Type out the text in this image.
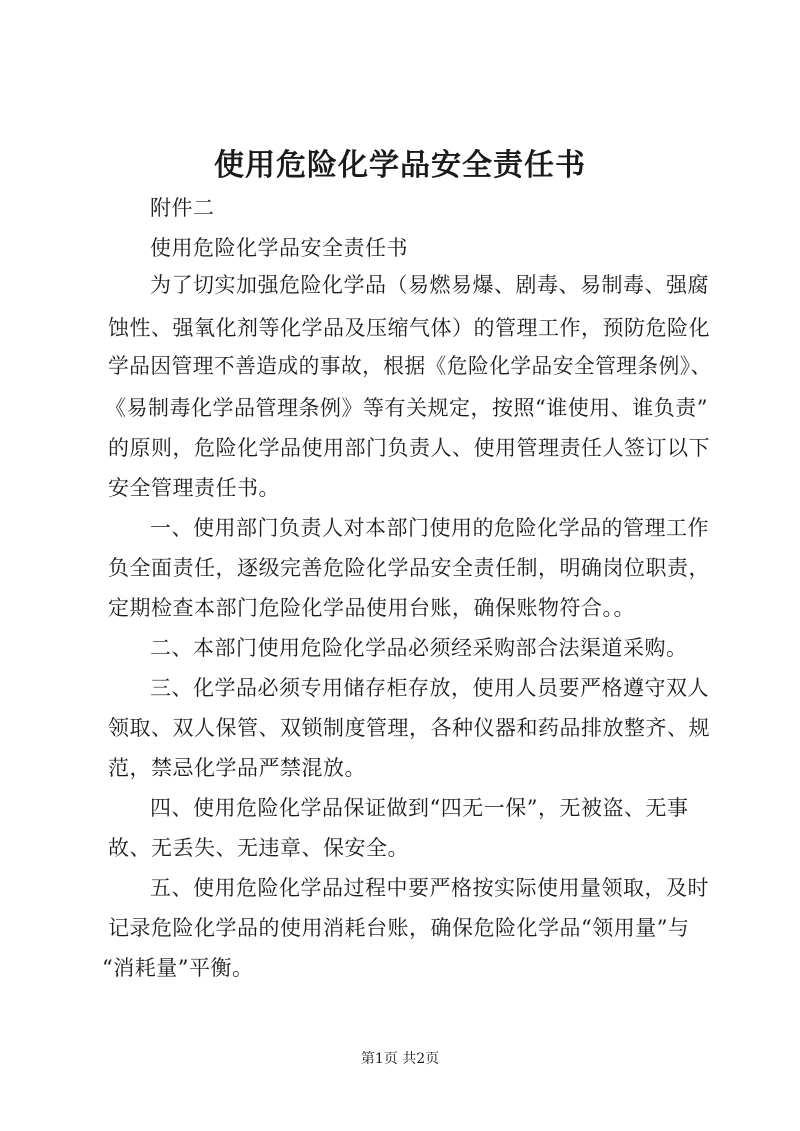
使用危险化学品安全责任书

附件二

使用危险化学品安全责任书

为了切实加强危险化学品（易燃易爆、剧毒、易制毒、强腐

蚀性、强氧化剂等化学品及压缩气体）的管理工作，预防危险化

学品因管理不善造成的事故，根据《危险化学品安全管理条例》、

《易制毒化学品管理条例》等有关规定，按照“谁使用、谁负责”

的原则，危险化学品使用部门负责人、使用管理责任人签订以下

安全管理责任书。

一、使用部门负责人对本部门使用的危险化学品的管理工作

负全面责任，逐级完善危险化学品安全责任制，明确岗位职责，

定期检查本部门危险化学品使用台账，确保账物符合。。

二、本部门使用危险化学品必须经采购部合法渠道采购。

三、化学品必须专用储存柜存放，使用人员要严格遵守双人

领取、双人保管、双锁制度管理，各种仪器和药品排放整齐、规

范，禁忌化学品严禁混放。

四、使用危险化学品保证做到“四无一保”，无被盗、无事

故、无丢失、无违章、保安全。

五、使用危险化学品过程中要严格按实际使用量领取，及时

记录危险化学品的使用消耗台账，确保危险化学品“领用量”与

“消耗量”平衡。

第1页 共2页
